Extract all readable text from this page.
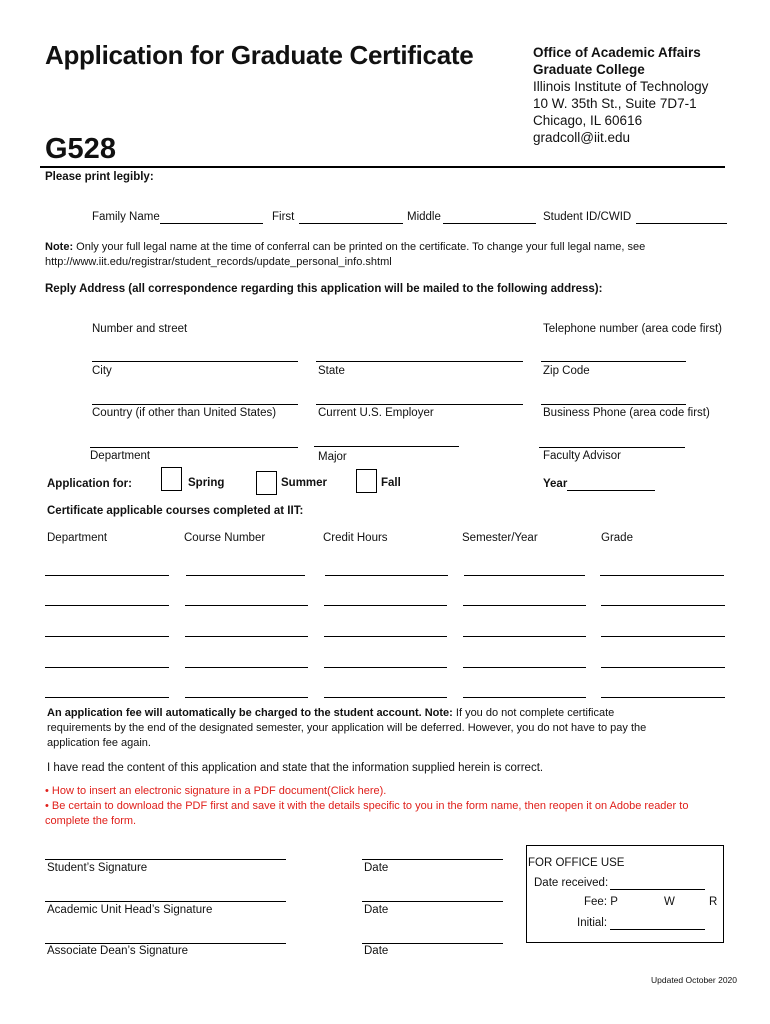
Application for Graduate Certificate
G528
Office of Academic Affairs
Graduate College
Illinois Institute of Technology
10 W. 35th St., Suite 7D7-1
Chicago, IL 60616
gradcoll@iit.edu
Please print legibly:
Family Name	First	Middle	Student ID/CWID
Note: Only your full legal name at the time of conferral can be printed on the certificate. To change your full legal name, see
http://www.iit.edu/registrar/student_records/update_personal_info.shtml
Reply Address (all correspondence regarding this application will be mailed to the following address):
Number and street	Telephone number (area code first)
City	State	Zip Code
Country (if other than United States)	Current U.S. Employer	Business Phone (area code first)
Department	Major	Faculty Advisor
Application for:	Spring	Summer	Fall	Year
Certificate applicable courses completed at IIT:
Department	Course Number	Credit Hours	Semester/Year	Grade
An application fee will automatically be charged to the student account. Note: If you do not complete certificate
requirements by the end of the designated semester, your application will be deferred. However, you do not have to pay the
application fee again.
I have read the content of this application and state that the information supplied herein is correct.
• How to insert an electronic signature in a PDF document(Click here).
• Be certain to download the PDF first and save it with the details specific to you in the form name, then reopen it on Adobe reader to
complete the form.
Student’s Signature	Date
Academic Unit Head’s Signature	Date
Associate Dean’s Signature	Date
FOR OFFICE USE
Date received:
Fee: P	W	R
Initial:
Updated October 2020
